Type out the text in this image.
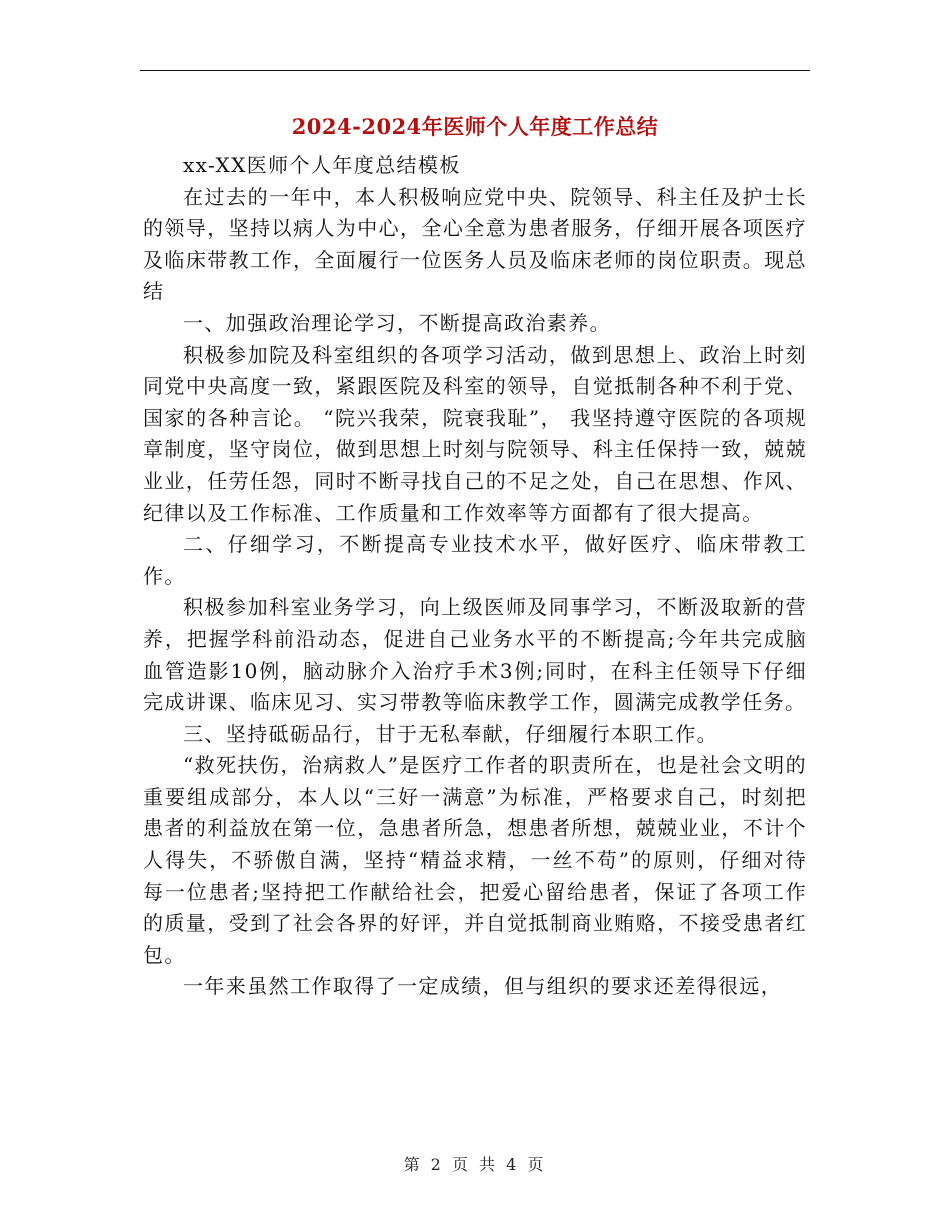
2024-2024年医师个人年度工作总结

xx-XX医师个人年度总结模板

在过去的一年中，本人积极响应党中央、院领导、科主任及护士长的领导，坚持以病人为中心，全心全意为患者服务，仔细开展各项医疗及临床带教工作，全面履行一位医务人员及临床老师的岗位职责。现总结

一、加强政治理论学习，不断提高政治素养。

积极参加院及科室组织的各项学习活动，做到思想上、政治上时刻同党中央高度一致，紧跟医院及科室的领导，自觉抵制各种不利于党、国家的各种言论。 “院兴我荣，院衰我耻”， 我坚持遵守医院的各项规章制度，坚守岗位，做到思想上时刻与院领导、科主任保持一致，兢兢业业，任劳任怨，同时不断寻找自己的不足之处，自己在思想、作风、纪律以及工作标准、工作质量和工作效率等方面都有了很大提高。

二、仔细学习，不断提高专业技术水平，做好医疗、临床带教工作。

积极参加科室业务学习，向上级医师及同事学习，不断汲取新的营养，把握学科前沿动态，促进自己业务水平的不断提高;今年共完成脑血管造影10例，脑动脉介入治疗手术3例;同时，在科主任领导下仔细完成讲课、临床见习、实习带教等临床教学工作，圆满完成教学任务。

三、坚持砥砺品行，甘于无私奉献，仔细履行本职工作。

“救死扶伤，治病救人”是医疗工作者的职责所在，也是社会文明的重要组成部分，本人以“三好一满意”为标准，严格要求自己，时刻把患者的利益放在第一位，急患者所急，想患者所想，兢兢业业，不计个人得失，不骄傲自满，坚持“精益求精，一丝不苟”的原则，仔细对待每一位患者;坚持把工作献给社会，把爱心留给患者，保证了各项工作的质量，受到了社会各界的好评，并自觉抵制商业贿赂，不接受患者红包。

一年来虽然工作取得了一定成绩，但与组织的要求还差得很远，

第 2 页 共 4 页
